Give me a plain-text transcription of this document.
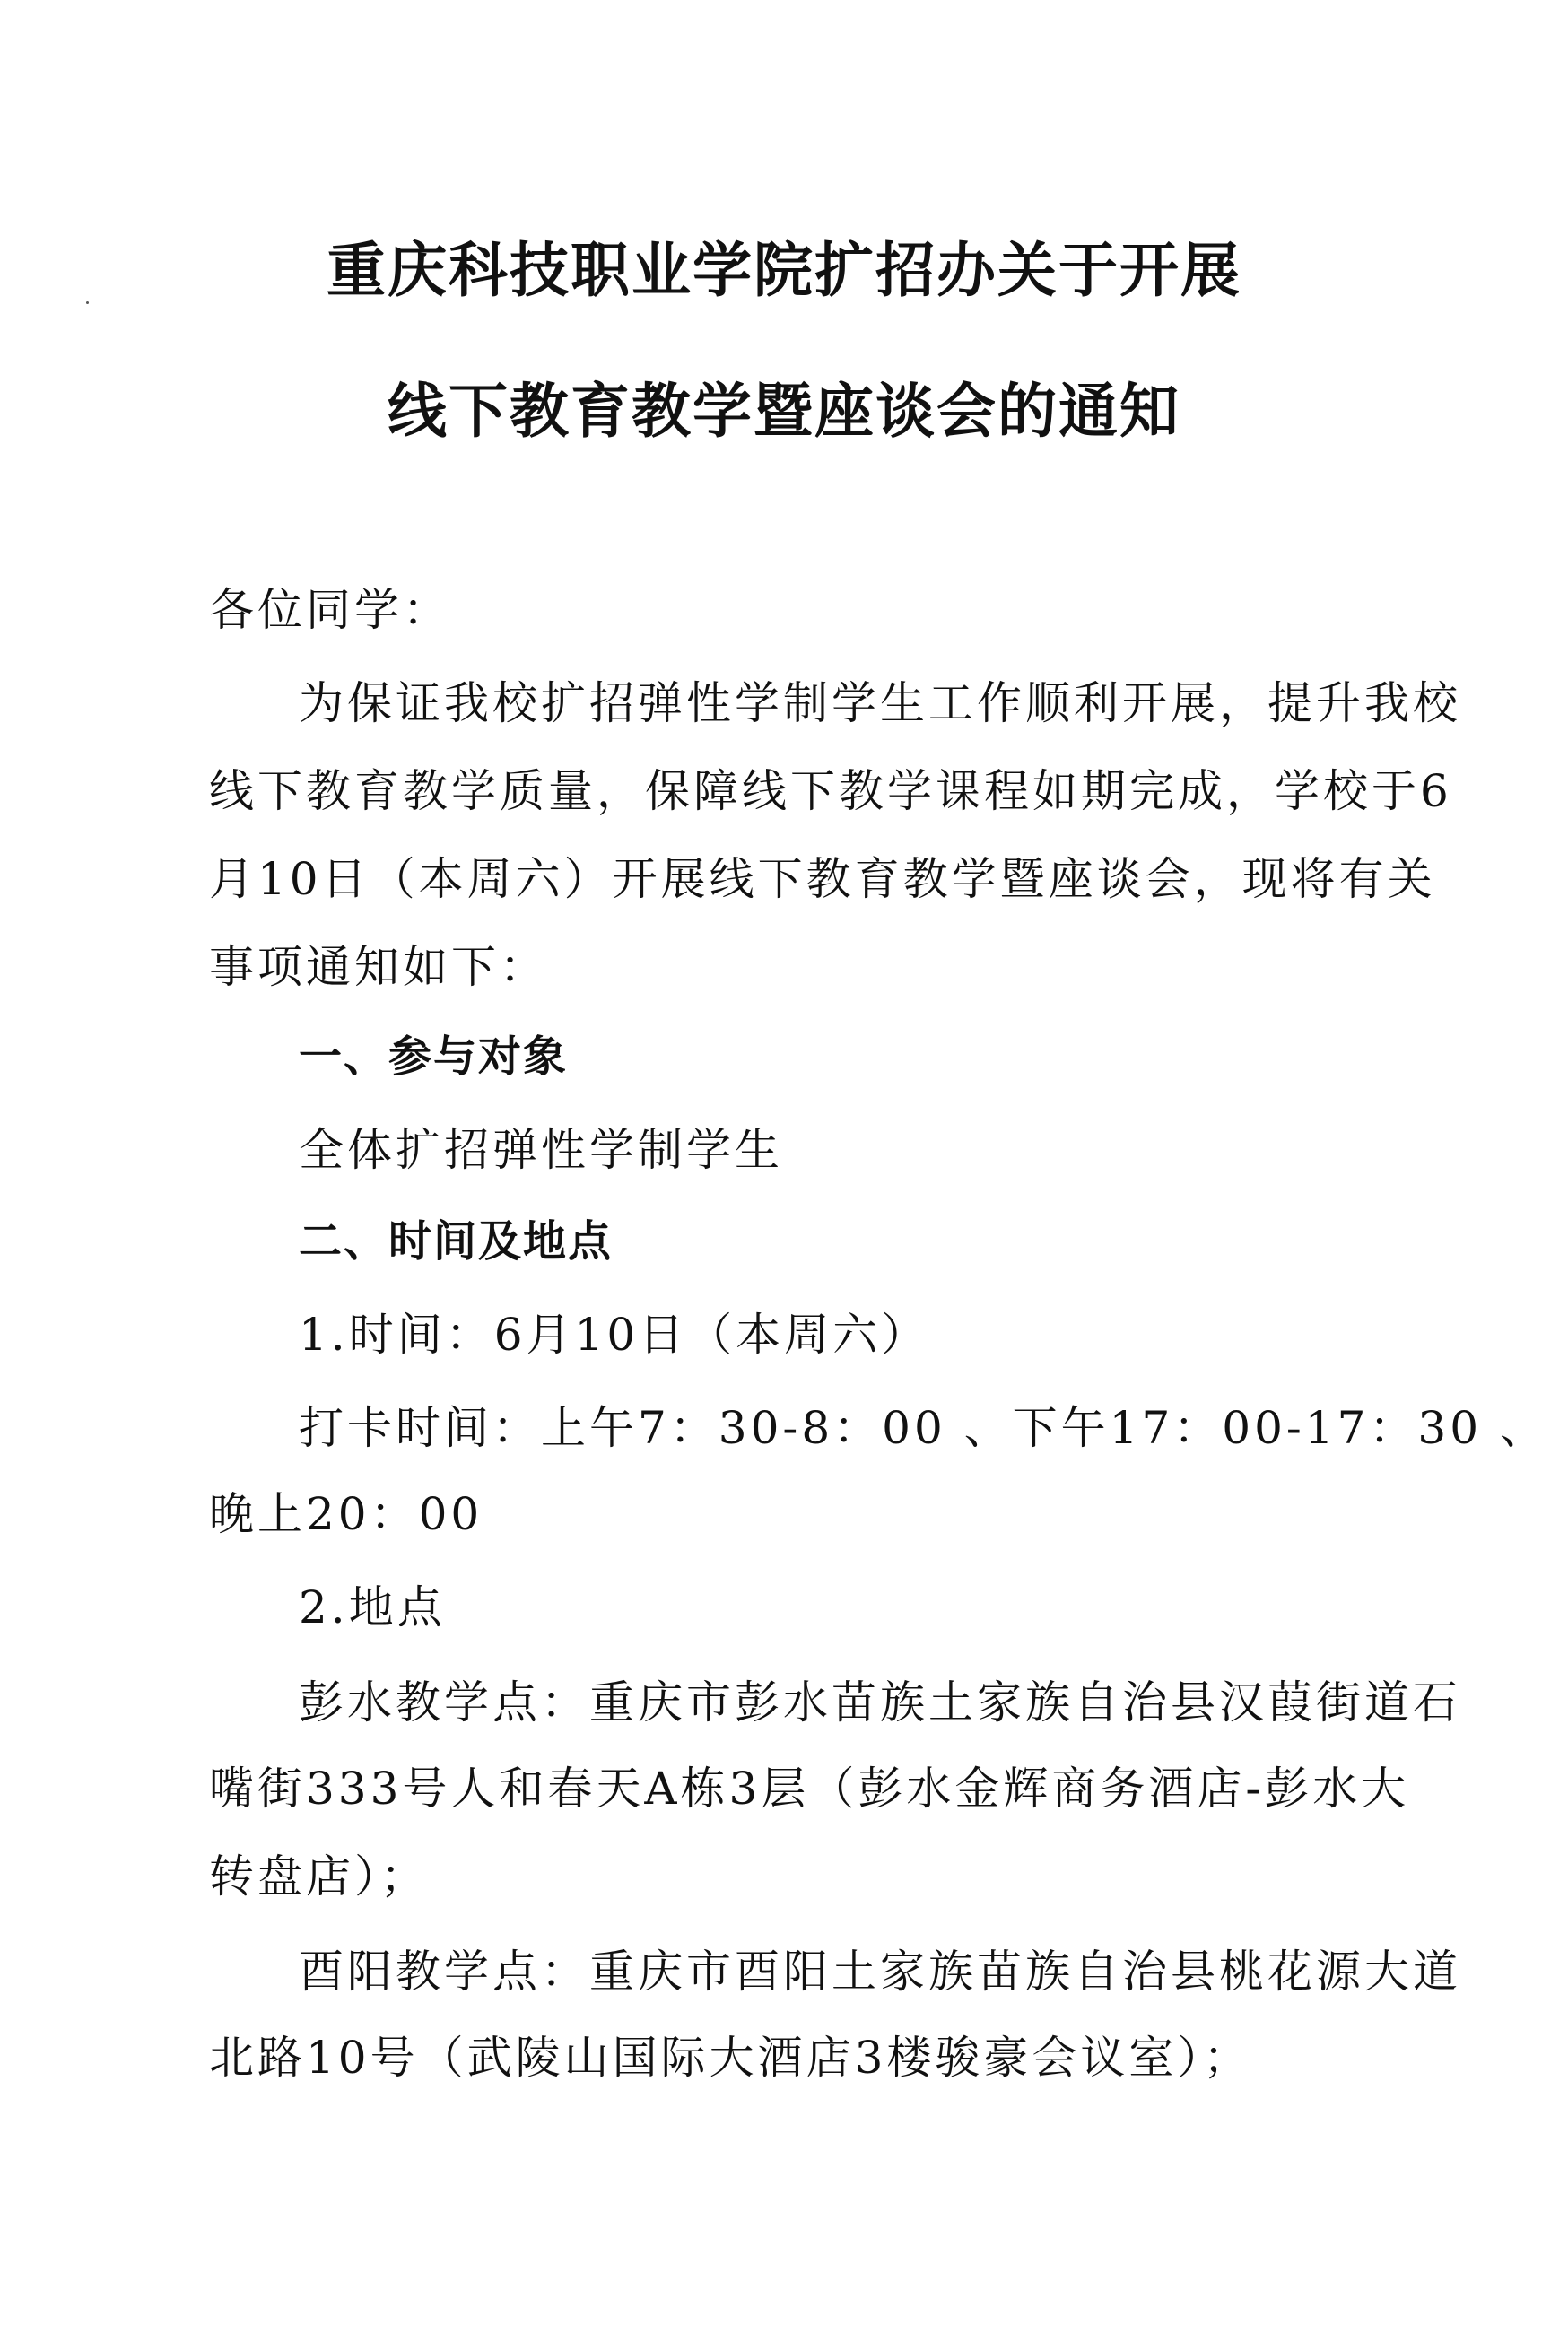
重庆科技职业学院扩招办关于开展
线下教育教学暨座谈会的通知
各位同学：
为保证我校扩招弹性学制学生工作顺利开展，提升我校
线下教育教学质量，保障线下教学课程如期完成，学校于6
月10日（本周六）开展线下教育教学暨座谈会，现将有关
事项通知如下：
一、参与对象
全体扩招弹性学制学生
二、时间及地点
1.时间：6月10日（本周六）
打卡时间：上午7：30-8：00 、下午17：00-17：30 、
晚上20：00
2.地点
彭水教学点：重庆市彭水苗族土家族自治县汉葭街道石
嘴街333号人和春天A栋3层（彭水金辉商务酒店-彭水大
转盘店）；
酉阳教学点：重庆市酉阳土家族苗族自治县桃花源大道
北路10号（武陵山国际大酒店3楼骏豪会议室）；
